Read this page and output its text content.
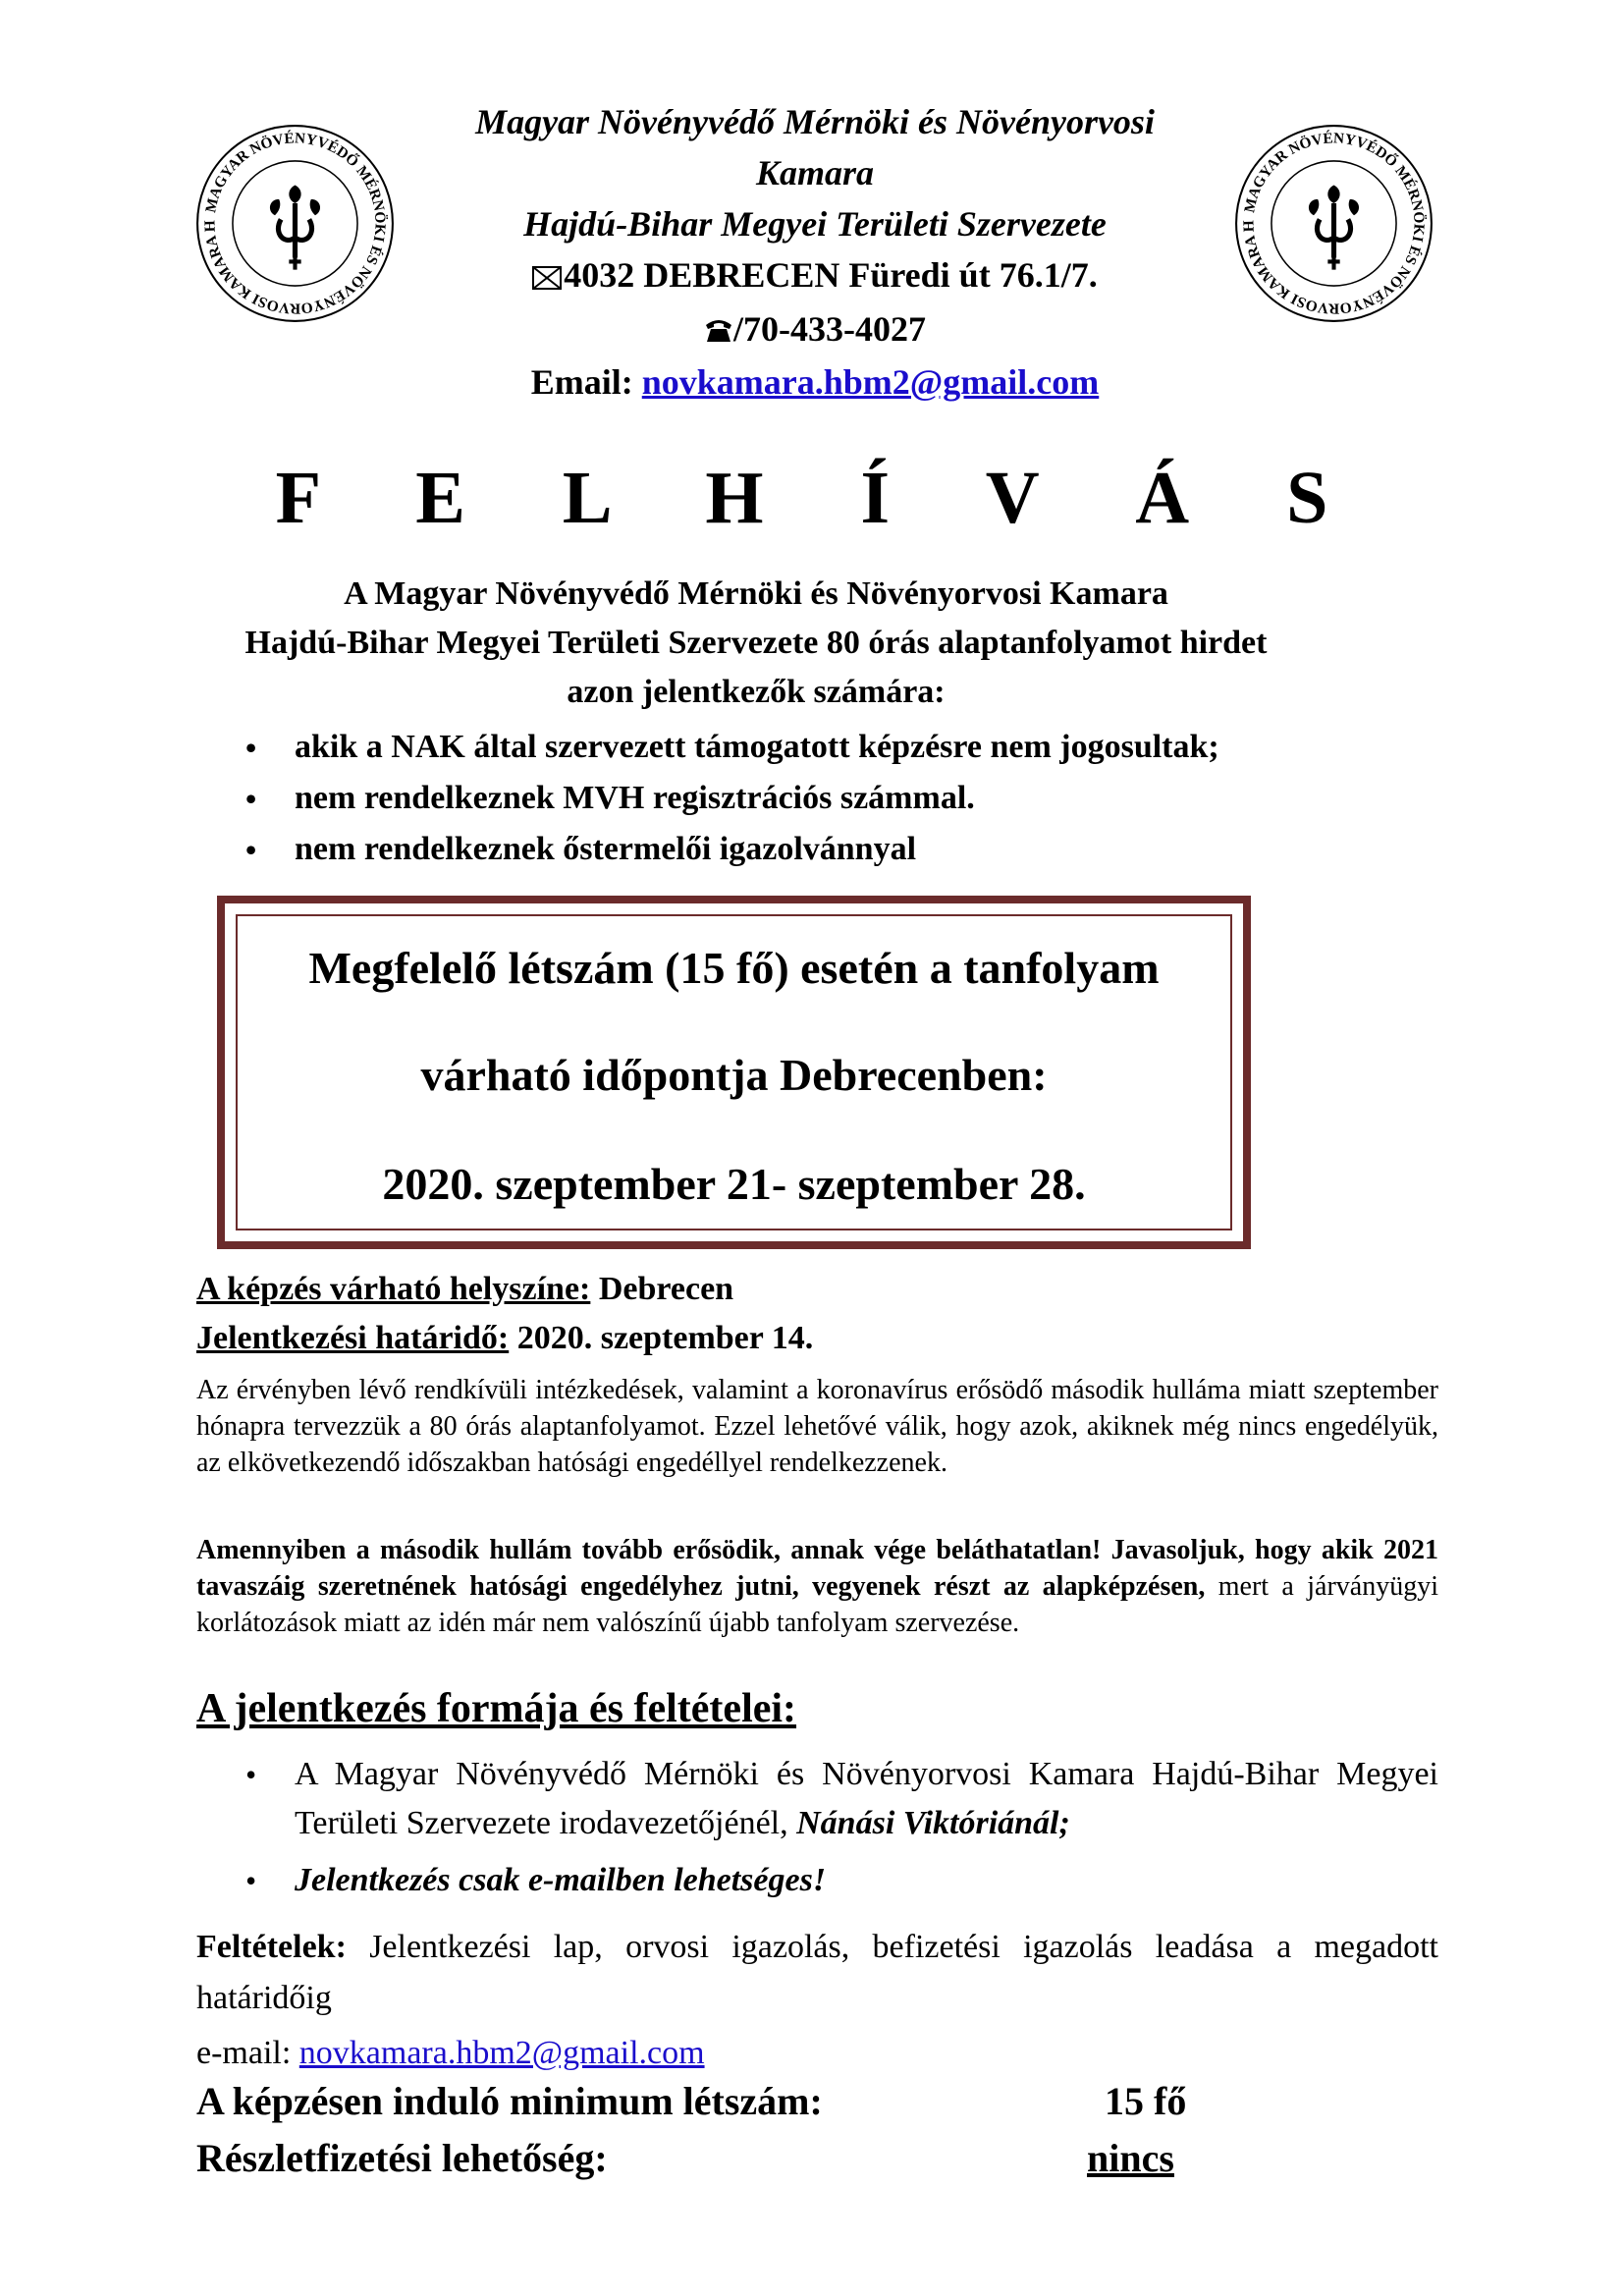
MAGYAR NÖVÉNYVÉDŐ MÉRNÖKI ÉS NÖVÉNYORVOSI KAMARA H
MAGYAR NÖVÉNYVÉDŐ MÉRNÖKI ÉS NÖVÉNYORVOSI KAMARA H
Magyar Növényvédő Mérnöki és Növényorvosi
Kamara
Hajdú-Bihar Megyei Területi Szervezete
4032 DEBRECEN Füredi út 76.1/7.
/70-433-4027
Email: novkamara.hbm2@gmail.com
F E L H Í V Á S
A Magyar Növényvédő Mérnöki és Növényorvosi Kamara
Hajdú-Bihar Megyei Területi Szervezete 80 órás alaptanfolyamot hirdet
azon jelentkezők számára:
• akik a NAK által szervezett támogatott képzésre nem jogosultak;
• nem rendelkeznek MVH regisztrációs számmal.
• nem rendelkeznek őstermelői igazolvánnyal
Megfelelő létszám (15 fő) esetén a tanfolyam
várható időpontja Debrecenben:
2020. szeptember 21- szeptember 28.
A képzés várható helyszíne: Debrecen
Jelentkezési határidő: 2020. szeptember 14.
Az érvényben lévő rendkívüli intézkedések, valamint a koronavírus erősödő második hulláma miatt szeptember hónapra tervezzük a 80 órás alaptanfolyamot. Ezzel lehetővé válik, hogy azok, akiknek még nincs engedélyük, az elkövetkezendő időszakban hatósági engedéllyel rendelkezzenek.
Amennyiben a második hullám tovább erősödik, annak vége beláthatatlan! Javasoljuk, hogy akik 2021 tavaszáig szeretnének hatósági engedélyhez jutni, vegyenek részt az alapképzésen, mert a járványügyi korlátozások miatt az idén már nem valószínű újabb tanfolyam szervezése.
A jelentkezés formája és feltételei:
• A Magyar Növényvédő Mérnöki és Növényorvosi Kamara Hajdú-Bihar Megyei Területi Szervezete irodavezetőjénél, Nánási Viktóriánál;
• Jelentkezés csak e-mailben lehetséges!
Feltételek: Jelentkezési lap, orvosi igazolás, befizetési igazolás leadása a megadott határidőig
e-mail: novkamara.hbm2@gmail.com
A képzésen induló minimum létszám:	15 fő
Részletfizetési lehetőség:	nincs
